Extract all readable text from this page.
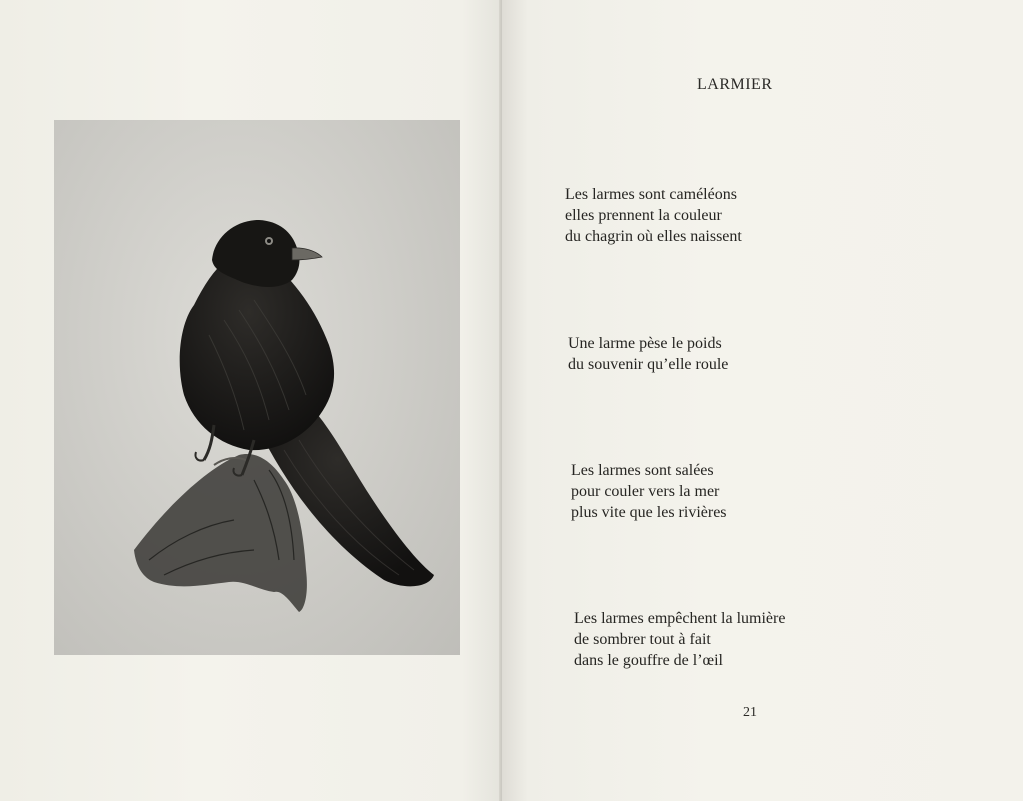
LARMIER
Les larmes sont caméléons
elles prennent la couleur
du chagrin où elles naissent
Une larme pèse le poids
du souvenir qu’elle roule
Les larmes sont salées
pour couler vers la mer
plus vite que les rivières
Les larmes empêchent la lumière
de sombrer tout à fait
dans le gouffre de l’œil
21
